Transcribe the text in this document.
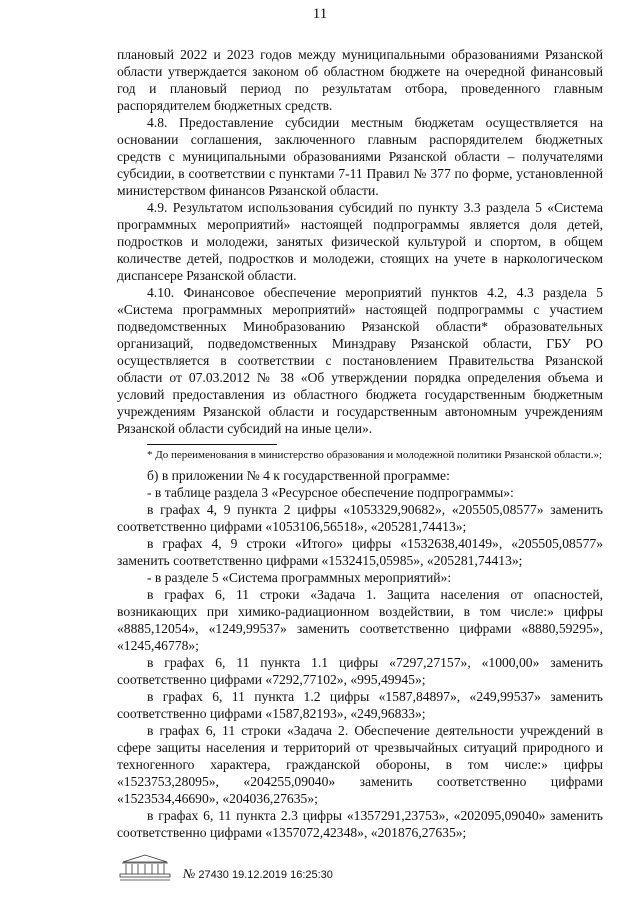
11

плановый 2022 и 2023 годов между муниципальными образованиями Рязанской области утверждается законом об областном бюджете на очередной финансовый год и плановый период по результатам отбора, проведенного главным распорядителем бюджетных средств.

4.8. Предоставление субсидии местным бюджетам осуществляется на основании соглашения, заключенного главным распорядителем бюджетных средств с муниципальными образованиями Рязанской области – получателями субсидии, в соответствии с пунктами 7-11 Правил № 377 по форме, установленной министерством финансов Рязанской области.

4.9. Результатом использования субсидий по пункту 3.3 раздела 5 «Система программных мероприятий» настоящей подпрограммы является доля детей, подростков и молодежи, занятых физической культурой и спортом, в общем количестве детей, подростков и молодежи, стоящих на учете в наркологическом диспансере Рязанской области.

4.10. Финансовое обеспечение мероприятий пунктов 4.2, 4.3 раздела 5 «Система программных мероприятий» настоящей подпрограммы с участием подведомственных Минобразованию Рязанской области* образовательных организаций, подведомственных Минздраву Рязанской области, ГБУ РО осуществляется в соответствии с постановлением Правительства Рязанской области от 07.03.2012 № 38 «Об утверждении порядка определения объема и условий предоставления из областного бюджета государственным бюджетным учреждениям Рязанской области и государственным автономным учреждениям Рязанской области субсидий на иные цели».

* До переименования в министерство образования и молодежной политики Рязанской области.»;

б) в приложении № 4 к государственной программе:

- в таблице раздела 3 «Ресурсное обеспечение подпрограммы»:

в графах 4, 9 пункта 2 цифры «1053329,90682», «205505,08577» заменить соответственно цифрами «1053106,56518», «205281,74413»;

в графах 4, 9 строки «Итого» цифры «1532638,40149», «205505,08577» заменить соответственно цифрами «1532415,05985», «205281,74413»;

- в разделе 5 «Система программных мероприятий»:

в графах 6, 11 строки «Задача 1. Защита населения от опасностей, возникающих при химико-радиационном воздействии, в том числе:» цифры «8885,12054», «1249,99537» заменить соответственно цифрами «8880,59295», «1245,46778»;

в графах 6, 11 пункта 1.1 цифры «7297,27157», «1000,00» заменить соответственно цифрами «7292,77102», «995,49945»;

в графах 6, 11 пункта 1.2 цифры «1587,84897», «249,99537» заменить соответственно цифрами «1587,82193», «249,96833»;

в графах 6, 11 строки «Задача 2. Обеспечение деятельности учреждений в сфере защиты населения и территорий от чрезвычайных ситуаций природного и техногенного характера, гражданской обороны, в том числе:» цифры «1523753,28095», «204255,09040» заменить соответственно цифрами «1523534,46690», «204036,27635»;

в графах 6, 11 пункта 2.3 цифры «1357291,23753», «202095,09040» заменить соответственно цифрами «1357072,42348», «201876,27635»;

№ 27430 19.12.2019 16:25:30
